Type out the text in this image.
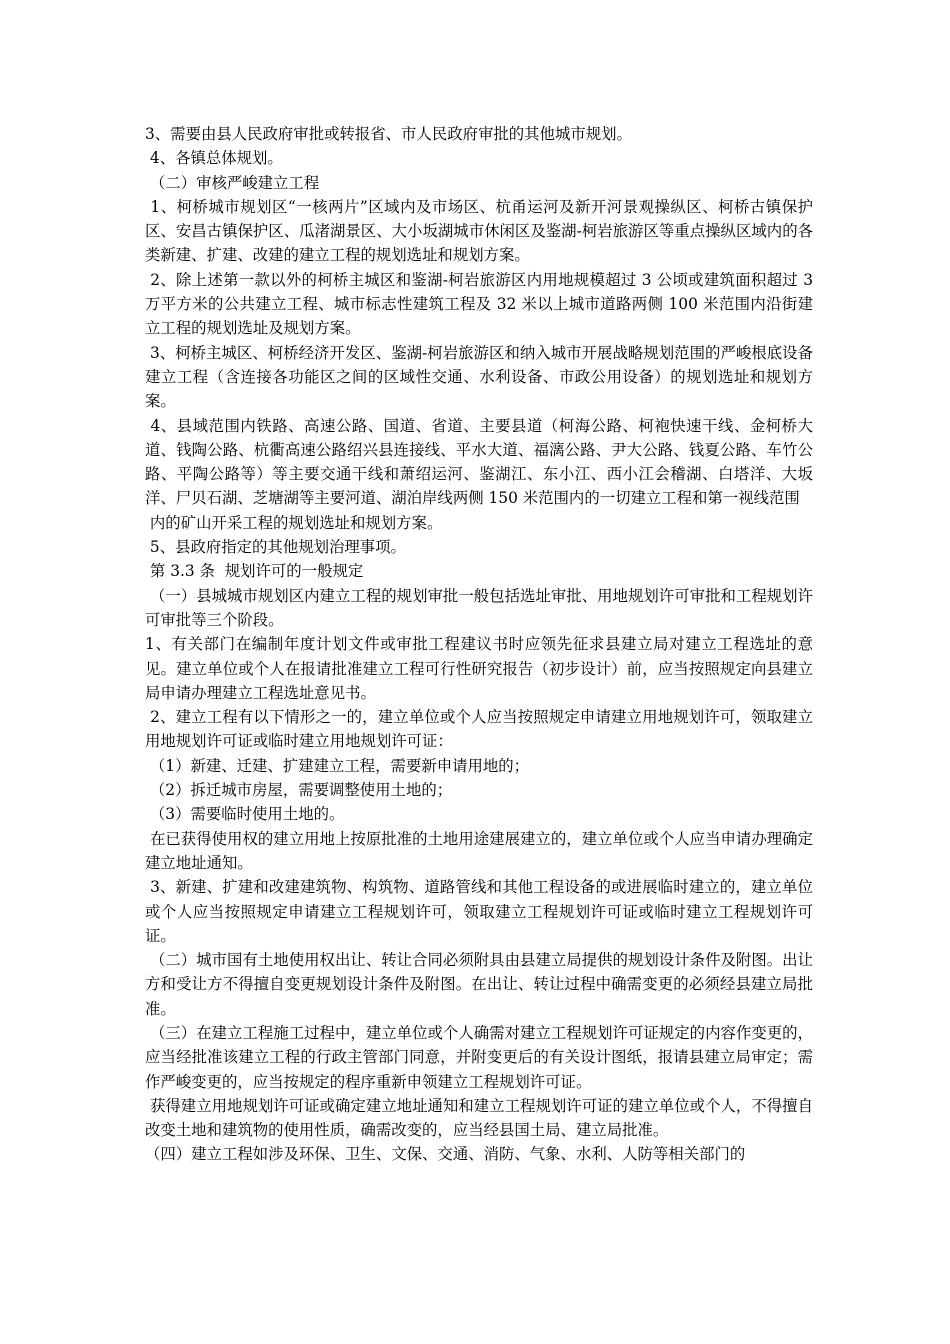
3、需要由县人民政府审批或转报省、市人民政府审批的其他城市规划。

4、各镇总体规划。

（二）审核严峻建立工程

1、柯桥城市规划区“一核两片”区域内及市场区、杭甬运河及新开河景观操纵区、柯桥古镇保护区、安昌古镇保护区、瓜渚湖景区、大小坂湖城市休闲区及鉴湖-柯岩旅游区等重点操纵区域内的各类新建、扩建、改建的建立工程的规划选址和规划方案。

2、除上述第一款以外的柯桥主城区和鉴湖-柯岩旅游区内用地规模超过 3 公顷或建筑面积超过 3 万平方米的公共建立工程、城市标志性建筑工程及 32 米以上城市道路两侧 100 米范围内沿街建立工程的规划选址及规划方案。

3、柯桥主城区、柯桥经济开发区、鉴湖-柯岩旅游区和纳入城市开展战略规划范围的严峻根底设备建立工程（含连接各功能区之间的区域性交通、水利设备、市政公用设备）的规划选址和规划方案。

4、县域范围内铁路、高速公路、国道、省道、主要县道（柯海公路、柯袍快速干线、金柯桥大道、钱陶公路、杭衢高速公路绍兴县连接线、平水大道、福漓公路、尹大公路、钱夏公路、车竹公路、平陶公路等）等主要交通干线和萧绍运河、鉴湖江、东小江、西小江会稽湖、白塔洋、大坂洋、尸贝石湖、芝塘湖等主要河道、湖泊岸线两侧 150 米范围内的一切建立工程和第一视线范围

内的矿山开采工程的规划选址和规划方案。

5、县政府指定的其他规划治理事项。

第 3.3 条  规划许可的一般规定

（一）县城城市规划区内建立工程的规划审批一般包括选址审批、用地规划许可审批和工程规划许可审批等三个阶段。

1、有关部门在编制年度计划文件或审批工程建议书时应领先征求县建立局对建立工程选址的意见。建立单位或个人在报请批准建立工程可行性研究报告（初步设计）前，应当按照规定向县建立局申请办理建立工程选址意见书。

2、建立工程有以下情形之一的，建立单位或个人应当按照规定申请建立用地规划许可，领取建立用地规划许可证或临时建立用地规划许可证：

（1）新建、迁建、扩建建立工程，需要新申请用地的；

（2）拆迁城市房屋，需要调整使用土地的；

（3）需要临时使用土地的。

在已获得使用权的建立用地上按原批准的土地用途建展建立的，建立单位或个人应当申请办理确定建立地址通知。

3、新建、扩建和改建建筑物、构筑物、道路管线和其他工程设备的或进展临时建立的，建立单位或个人应当按照规定申请建立工程规划许可，领取建立工程规划许可证或临时建立工程规划许可证。

（二）城市国有土地使用权出让、转让合同必须附具由县建立局提供的规划设计条件及附图。出让方和受让方不得擅自变更规划设计条件及附图。在出让、转让过程中确需变更的必须经县建立局批准。

（三）在建立工程施工过程中，建立单位或个人确需对建立工程规划许可证规定的内容作变更的，应当经批准该建立工程的行政主管部门同意，并附变更后的有关设计图纸，报请县建立局审定；需作严峻变更的，应当按规定的程序重新申领建立工程规划许可证。

获得建立用地规划许可证或确定建立地址通知和建立工程规划许可证的建立单位或个人，不得擅自改变土地和建筑物的使用性质，确需改变的，应当经县国土局、建立局批准。

（四）建立工程如涉及环保、卫生、文保、交通、消防、气象、水利、人防等相关部门的
